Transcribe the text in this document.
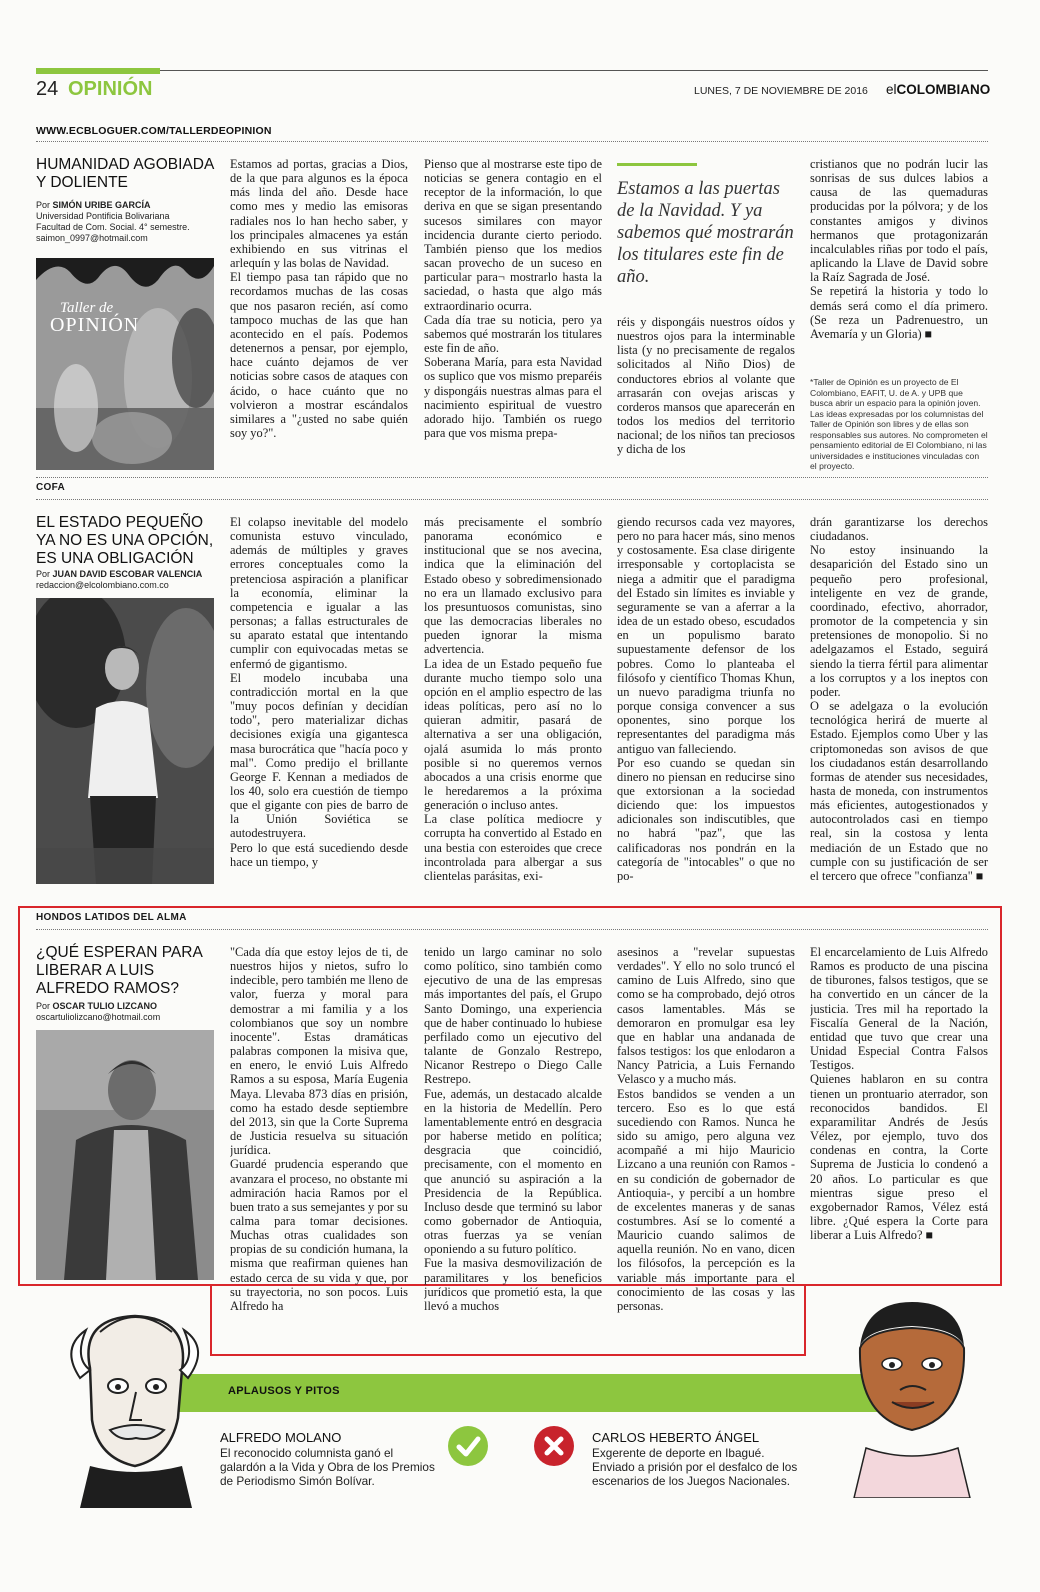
24 OPINIÓN	LUNES, 7 DE NOVIEMBRE DE 2016 elCOLOMBIANO
WWW.ECBLOGUER.COM/TALLERDEOPINION
HUMANIDAD AGOBIADA Y DOLIENTE
Por SIMÓN URIBE GARCÍA
Universidad Pontificia Bolivariana
Facultad de Com. Social. 4° semestre.
saimon_0997@hotmail.com
Taller de
OPINIÓN
Estamos ad portas, gracias a Dios, de la que para algunos es la época más linda del año. Desde hace como mes y medio las emisoras radiales nos lo han hecho saber, y los principales almacenes ya están exhibiendo en sus vitrinas el arlequín y las bolas de Navidad.
El tiempo pasa tan rápido que no recordamos muchas de las cosas que nos pasaron recién, así como tampoco muchas de las que han acontecido en el país. Podemos detenernos a pensar, por ejemplo, hace cuánto dejamos de ver noticias sobre casos de ataques con ácido, o hace cuánto que no volvieron a mostrar escándalos similares a "¿usted no sabe quién soy yo?".
Pienso que al mostrarse este tipo de noticias se genera contagio en el receptor de la información, lo que deriva en que se sigan presentando sucesos similares con mayor incidencia durante cierto periodo. También pienso que los medios sacan provecho de un suceso en particular para¬ mostrarlo hasta la saciedad, o hasta que algo más extraordinario ocurra.
Cada día trae su noticia, pero ya sabemos qué mostrarán los titulares este fin de año.
Soberana María, para esta Navidad os suplico que vos mismo preparéis y dispongáis nuestras almas para el nacimiento espiritual de vuestro adorado hijo. También os ruego para que vos misma prepa-
Estamos a las puertas de la Navidad. Y ya sabemos qué mostrarán los titulares este fin de año.
réis y dispongáis nuestros oídos y nuestros ojos para la interminable lista (y no precisamente de regalos solicitados al Niño Dios) de conductores ebrios al volante que arrasarán con ovejas ariscas y corderos mansos que aparecerán en todos los medios del territorio nacional; de los niños tan preciosos y dicha de los
cristianos que no podrán lucir las sonrisas de sus dulces labios a causa de las quemaduras producidas por la pólvora; y de los constantes amigos y divinos hermanos que protagonizarán incalculables riñas por todo el país, aplicando la Llave de David sobre la Raíz Sagrada de José.
Se repetirá la historia y todo lo demás será como el día primero. (Se reza un Padrenuestro, un Avemaría y un Gloria) ■
*Taller de Opinión es un proyecto de El Colombiano, EAFIT, U. de A. y UPB que busca abrir un espacio para la opinión joven. Las ideas expresadas por los columnistas del Taller de Opinión son libres y de ellas son responsables sus autores. No comprometen el pensamiento editorial de El Colombiano, ni las universidades e instituciones vinculadas con el proyecto.
COFA
EL ESTADO PEQUEÑO YA NO ES UNA OPCIÓN, ES UNA OBLIGACIÓN
Por JUAN DAVID ESCOBAR VALENCIA
redaccion@elcolombiano.com.co
El colapso inevitable del modelo comunista estuvo vinculado, además de múltiples y graves errores conceptuales como la pretenciosa aspiración a planificar la economía, eliminar la competencia e igualar a las personas; a fallas estructurales de su aparato estatal que intentando cumplir con equivocadas metas se enfermó de gigantismo.
El modelo incubaba una contradicción mortal en la que "muy pocos definían y decidían todo", pero materializar dichas decisiones exigía una gigantesca masa burocrática que "hacía poco y mal". Como predijo el brillante George F. Kennan a mediados de los 40, solo era cuestión de tiempo que el gigante con pies de barro de la Unión Soviética se autodestruyera.
Pero lo que está sucediendo desde hace un tiempo, y
más precisamente el sombrío panorama económico e institucional que se nos avecina, indica que la eliminación del Estado obeso y sobredimensionado no era un llamado exclusivo para los presuntuosos comunistas, sino que las democracias liberales no pueden ignorar la misma advertencia.
La idea de un Estado pequeño fue durante mucho tiempo solo una opción en el amplio espectro de las ideas políticas, pero así no lo quieran admitir, pasará de alternativa a ser una obligación, ojalá asumida lo más pronto posible si no queremos vernos abocados a una crisis enorme que le heredaremos a la próxima generación o incluso antes.
La clase política mediocre y corrupta ha convertido al Estado en una bestia con esteroides que crece incontrolada para albergar a sus clientelas parásitas, exi-
giendo recursos cada vez mayores, pero no para hacer más, sino menos y costosamente. Esa clase dirigente irresponsable y cortoplacista se niega a admitir que el paradigma del Estado sin límites es inviable y seguramente se van a aferrar a la idea de un estado obeso, escudados en un populismo barato supuestamente defensor de los pobres. Como lo planteaba el filósofo y científico Thomas Khun, un nuevo paradigma triunfa no porque consiga convencer a sus oponentes, sino porque los representantes del paradigma más antiguo van falleciendo.
Por eso cuando se quedan sin dinero no piensan en reducirse sino que extorsionan a la sociedad diciendo que: los impuestos adicionales son indiscutibles, que no habrá "paz", que las calificadoras nos pondrán en la categoría de "intocables" o que no po-
drán garantizarse los derechos ciudadanos.
No estoy insinuando la desaparición del Estado sino un pequeño pero profesional, inteligente en vez de grande, coordinado, efectivo, ahorrador, promotor de la competencia y sin pretensiones de monopolio. Si no adelgazamos el Estado, seguirá siendo la tierra fértil para alimentar a los corruptos y a los ineptos con poder.
O se adelgaza o la evolución tecnológica herirá de muerte al Estado. Ejemplos como Uber y las criptomonedas son avisos de que los ciudadanos están desarrollando formas de atender sus necesidades, hasta de moneda, con instrumentos más eficientes, autogestionados y autocontrolados casi en tiempo real, sin la costosa y lenta mediación de un Estado que no cumple con su justificación de ser el tercero que ofrece "confianza" ■
HONDOS LATIDOS DEL ALMA
¿QUÉ ESPERAN PARA LIBERAR A LUIS ALFREDO RAMOS?
Por OSCAR TULIO LIZCANO
oscartuliolizcano@hotmail.com
"Cada día que estoy lejos de ti, de nuestros hijos y nietos, sufro lo indecible, pero también me lleno de valor, fuerza y moral para demostrar a mi familia y a los colombianos que soy un nombre inocente". Estas dramáticas palabras componen la misiva que, en enero, le envió Luis Alfredo Ramos a su esposa, María Eugenia Maya. Llevaba 873 días en prisión, como ha estado desde septiembre del 2013, sin que la Corte Suprema de Justicia resuelva su situación jurídica.
Guardé prudencia esperando que avanzara el proceso, no obstante mi admiración hacia Ramos por el buen trato a sus semejantes y por su calma para tomar decisiones. Muchas otras cualidades son propias de su condición humana, la misma que reafirman quienes han estado cerca de su vida y que, por su trayectoria, no son pocos. Luis Alfredo ha
tenido un largo caminar no solo como político, sino también como ejecutivo de una de las empresas más importantes del país, el Grupo Santo Domingo, una experiencia que de haber continuado lo hubiese perfilado como un ejecutivo del talante de Gonzalo Restrepo, Nicanor Restrepo o Diego Calle Restrepo.
Fue, además, un destacado alcalde en la historia de Medellín. Pero lamentablemente entró en desgracia por haberse metido en política; desgracia que coincidió, precisamente, con el momento en que anunció su aspiración a la Presidencia de la República. Incluso desde que terminó su labor como gobernador de Antioquia, otras fuerzas ya se venían oponiendo a su futuro político.
Fue la masiva desmovilización de paramilitares y los beneficios jurídicos que prometió esta, la que llevó a muchos
asesinos a "revelar supuestas verdades". Y ello no solo truncó el camino de Luis Alfredo, sino que como se ha comprobado, dejó otros casos lamentables. Más se demoraron en promulgar esa ley que en hablar una andanada de falsos testigos: los que enlodaron a Nancy Patricia, a Luis Fernando Velasco y a mucho más.
Estos bandidos se venden a un tercero. Eso es lo que está sucediendo con Ramos. Nunca he sido su amigo, pero alguna vez acompañé a mi hijo Mauricio Lizcano a una reunión con Ramos -en su condición de gobernador de Antioquia-, y percibí a un hombre de excelentes maneras y de sanas costumbres. Así se lo comenté a Mauricio cuando salimos de aquella reunión. No en vano, dicen los filósofos, la percepción es la variable más importante para el conocimiento de las cosas y las personas.
El encarcelamiento de Luis Alfredo Ramos es producto de una piscina de tiburones, falsos testigos, que se ha convertido en un cáncer de la justicia. Tres mil ha reportado la Fiscalía General de la Nación, entidad que tuvo que crear una Unidad Especial Contra Falsos Testigos.
Quienes hablaron en su contra tienen un prontuario aterrador, son reconocidos bandidos. El exparamilitar Andrés de Jesús Vélez, por ejemplo, tuvo dos condenas en contra, la Corte Suprema de Justicia lo condenó a 20 años. Lo particular es que mientras sigue preso el exgobernador Ramos, Vélez está libre. ¿Qué espera la Corte para liberar a Luis Alfredo? ■
APLAUSOS Y PITOS
ALFREDO MOLANO
El reconocido columnista ganó el galardón a la Vida y Obra de los Premios de Periodismo Simón Bolívar.
CARLOS HEBERTO ÁNGEL
Exgerente de deporte en Ibagué. Enviado a prisión por el desfalco de los escenarios de los Juegos Nacionales.
